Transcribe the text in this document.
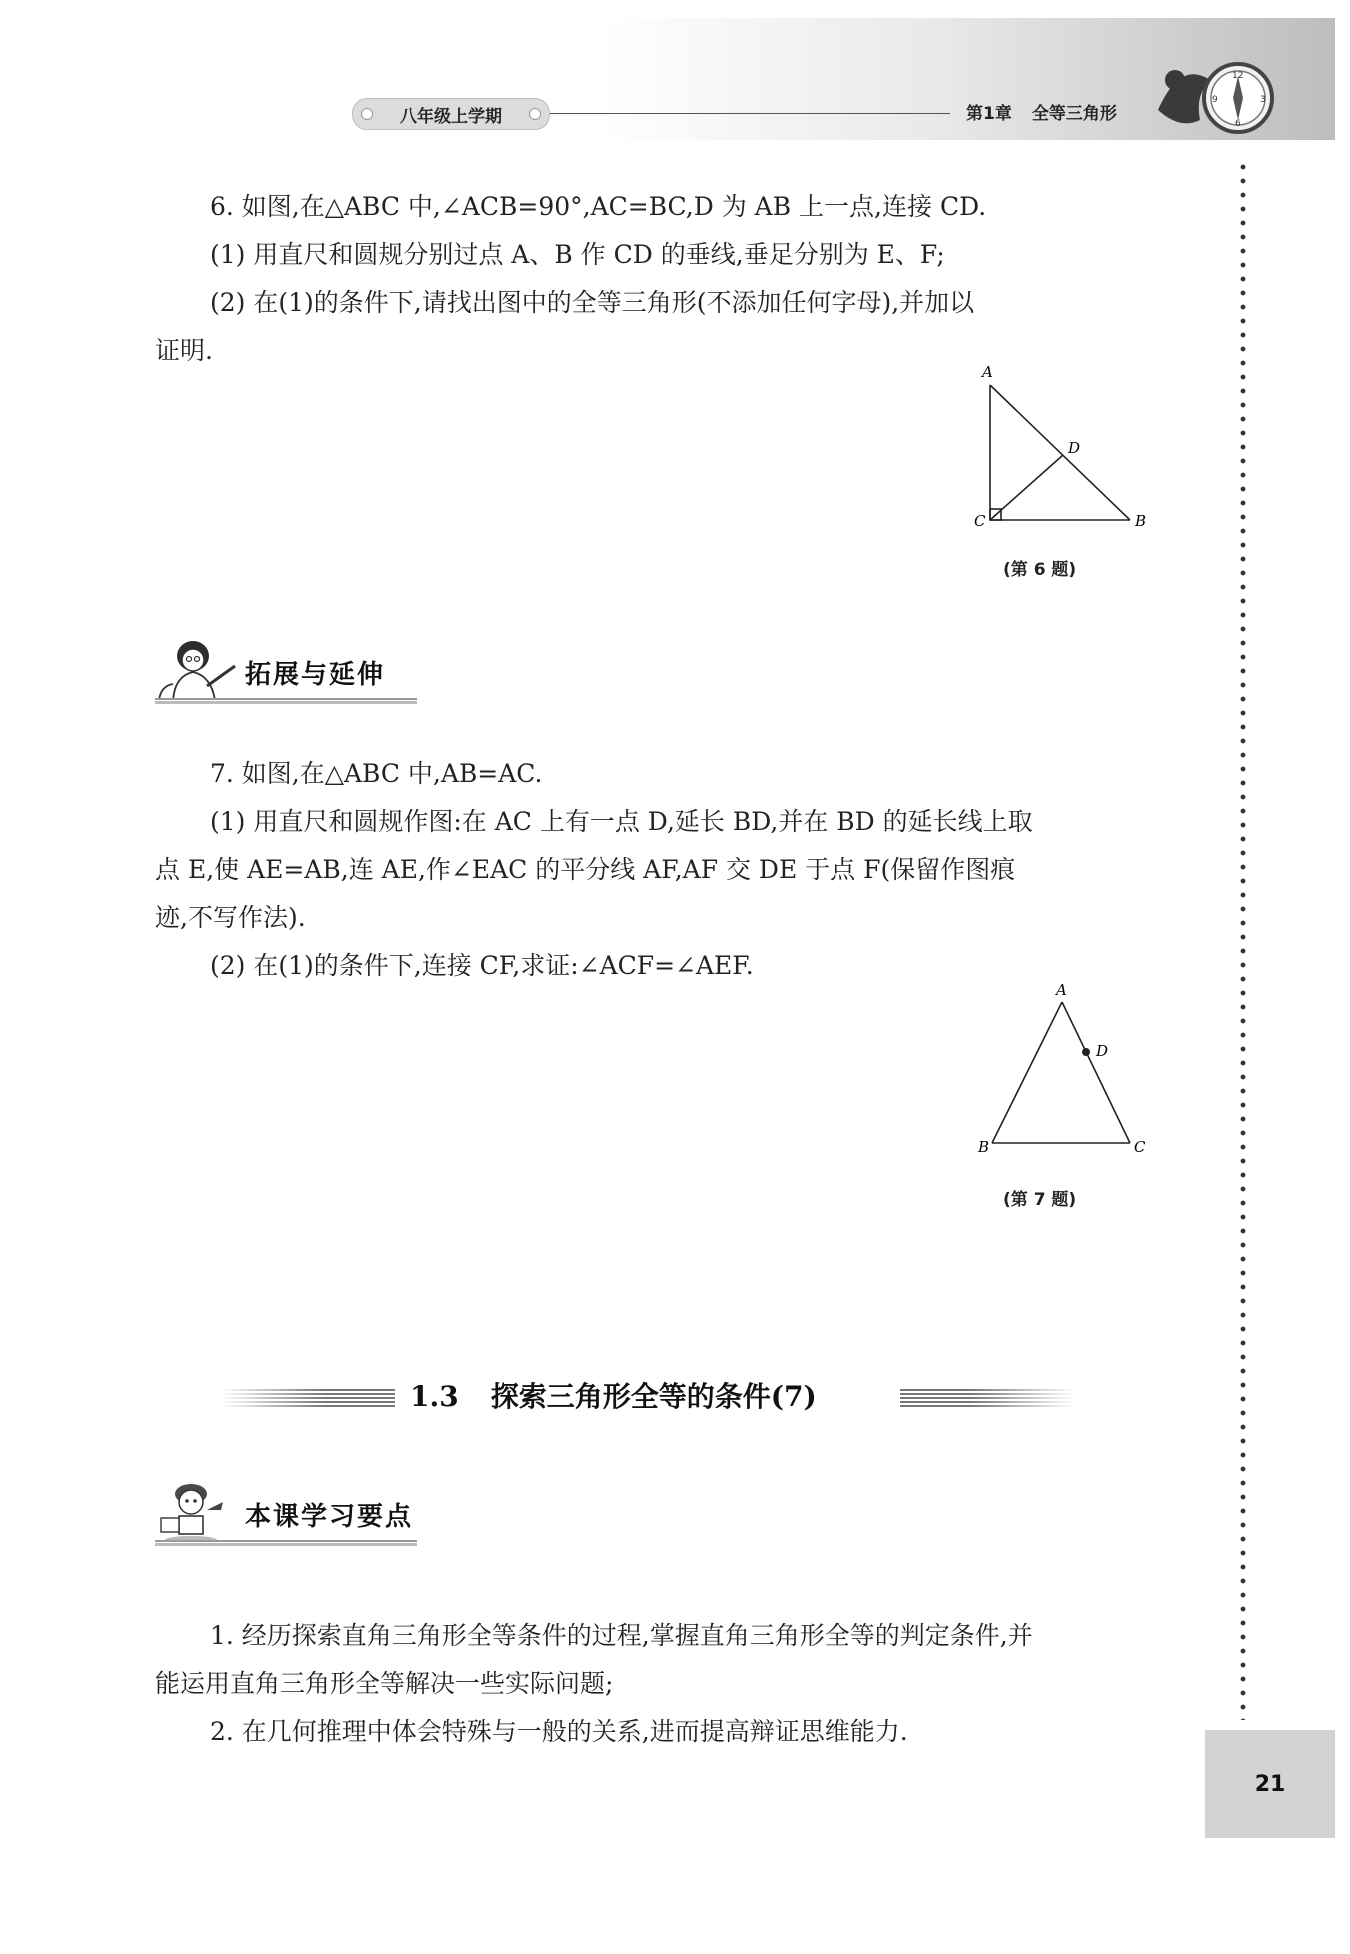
八年级上学期	第1章 全等三角形
12
3
6
9
21

6. 如图,在△ABC 中,∠ACB=90°,AC=BC,D 为 AB 上一点,连接 CD.

(1) 用直尺和圆规分别过点 A、B 作 CD 的垂线,垂足分别为 E、F;

(2) 在(1)的条件下,请找出图中的全等三角形(不添加任何字母),并加以

证明.

A
D
C	B
(第 6 题)
拓展与延伸

7. 如图,在△ABC 中,AB=AC.

(1) 用直尺和圆规作图:在 AC 上有一点 D,延长 BD,并在 BD 的延长线上取

点 E,使 AE=AB,连 AE,作∠EAC 的平分线 AF,AF 交 DE 于点 F(保留作图痕

迹,不写作法).

(2) 在(1)的条件下,连接 CF,求证:∠ACF=∠AEF.

A
D
B	C
(第 7 题)
1.3 探索三角形全等的条件(7)
本课学习要点

1. 经历探索直角三角形全等条件的过程,掌握直角三角形全等的判定条件,并

能运用直角三角形全等解决一些实际问题;

2. 在几何推理中体会特殊与一般的关系,进而提高辩证思维能力.
